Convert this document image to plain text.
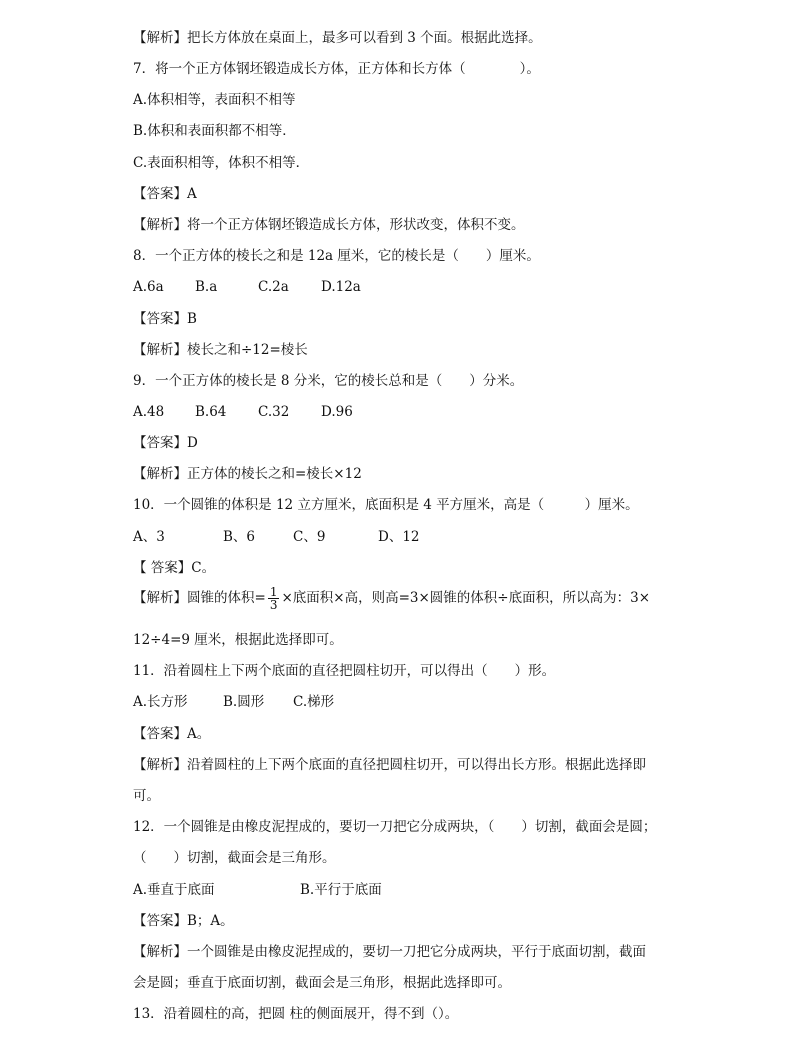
【解析】把长方体放在桌面上，最多可以看到 3 个面。根据此选择。
7．将一个正方体钢坯锻造成长方体，正方体和长方体（　　　　）。
A.体积相等，表面积不相等
B.体积和表面积都不相等．
C.表面积相等，体积不相等．
【答案】A
【解析】将一个正方体钢坯锻造成长方体，形状改变，体积不变。
8．一个正方体的棱长之和是 12a 厘米，它的棱长是（　　）厘米。
A.6a B.a	C.2a D.12a
【答案】B
【解析】棱长之和÷12=棱长
9．一个正方体的棱长是 8 分米，它的棱长总和是（　　）分米。
A.48 B.64 C.32 D.96
【答案】D
【解析】正方体的棱长之和=棱长×12
10．一个圆锥的体积是 12 立方厘米，底面积是 4 平方厘米，高是（　　　）厘米。
A、3	B、6	C、9	D、12
【 答案】C。
【解析】圆锥的体积= $\frac{1}{3}$ ×底面积×高，则高=3×圆锥的体积÷底面积，所以高为：3×
12÷4=9 厘米，根据此选择即可。
11．沿着圆柱上下两个底面的直径把圆柱切开，可以得出（　　）形。
A.长方形	B.圆形 C.梯形
【答案】A。
【解析】沿着圆柱的上下两个底面的直径把圆柱切开，可以得出长方形。根据此选择即
可。
12．一个圆锥是由橡皮泥捏成的，要切一刀把它分成两块，（　　）切割，截面会是圆；
（　　）切割，截面会是三角形。
A.垂直于底面	B.平行于底面
【答案】B；A。
【解析】一个圆锥是由橡皮泥捏成的，要切一刀把它分成两块，平行于底面切割，截面
会是圆；垂直于底面切割，截面会是三角形，根据此选择即可。
13．沿着圆柱的高，把圆 柱的侧面展开，得不到（）。
